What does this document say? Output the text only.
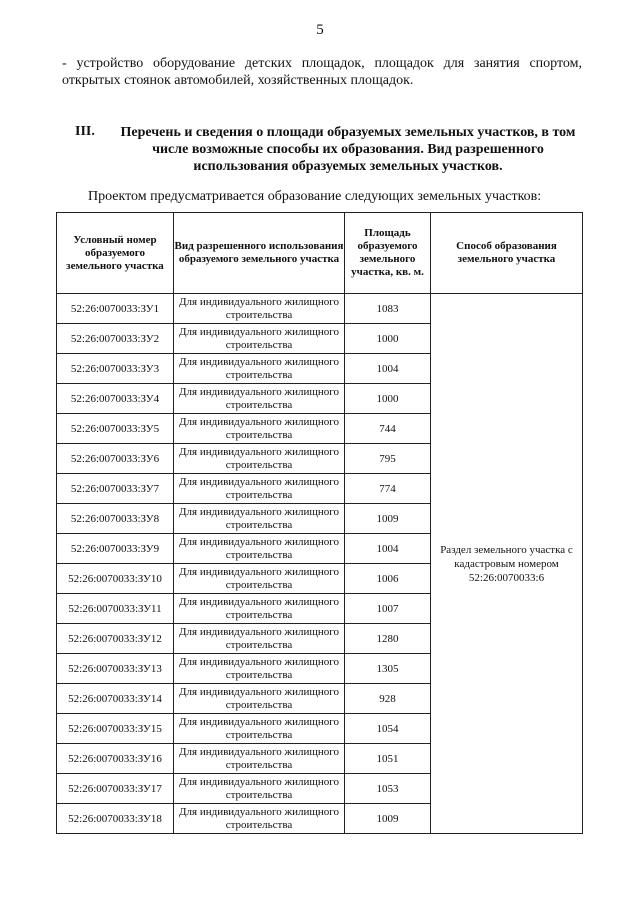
5
- устройство оборудование детских площадок, площадок для занятия спортом, открытых стоянок автомобилей, хозяйственных площадок.
III.	Перечень и сведения о площади образуемых земельных участков, в том числе возможные способы их образования. Вид разрешенного использования образуемых земельных участков.
Проектом предусматривается образование следующих земельных участков:
Условный номер образуемого земельного участка	Вид разрешенного использования образуемого земельного участка	Площадь образуемого земельного участка, кв. м.	Способ образования земельного участка
52:26:0070033:ЗУ1	Для индивидуального жилищного строительства	1083	Раздел земельного участка с кадастровым номером 52:26:0070033:6
52:26:0070033:ЗУ2	Для индивидуального жилищного строительства	1000	
52:26:0070033:ЗУ3	Для индивидуального жилищного строительства	1004	
52:26:0070033:ЗУ4	Для индивидуального жилищного строительства	1000	
52:26:0070033:ЗУ5	Для индивидуального жилищного строительства	744	
52:26:0070033:ЗУ6	Для индивидуального жилищного строительства	795	
52:26:0070033:ЗУ7	Для индивидуального жилищного строительства	774	
52:26:0070033:ЗУ8	Для индивидуального жилищного строительства	1009	
52:26:0070033:ЗУ9	Для индивидуального жилищного строительства	1004	
52:26:0070033:ЗУ10	Для индивидуального жилищного строительства	1006	
52:26:0070033:ЗУ11	Для индивидуального жилищного строительства	1007	
52:26:0070033:ЗУ12	Для индивидуального жилищного строительства	1280	
52:26:0070033:ЗУ13	Для индивидуального жилищного строительства	1305	
52:26:0070033:ЗУ14	Для индивидуального жилищного строительства	928	
52:26:0070033:ЗУ15	Для индивидуального жилищного строительства	1054	
52:26:0070033:ЗУ16	Для индивидуального жилищного строительства	1051	
52:26:0070033:ЗУ17	Для индивидуального жилищного строительства	1053	
52:26:0070033:ЗУ18	Для индивидуального жилищного строительства	1009	
